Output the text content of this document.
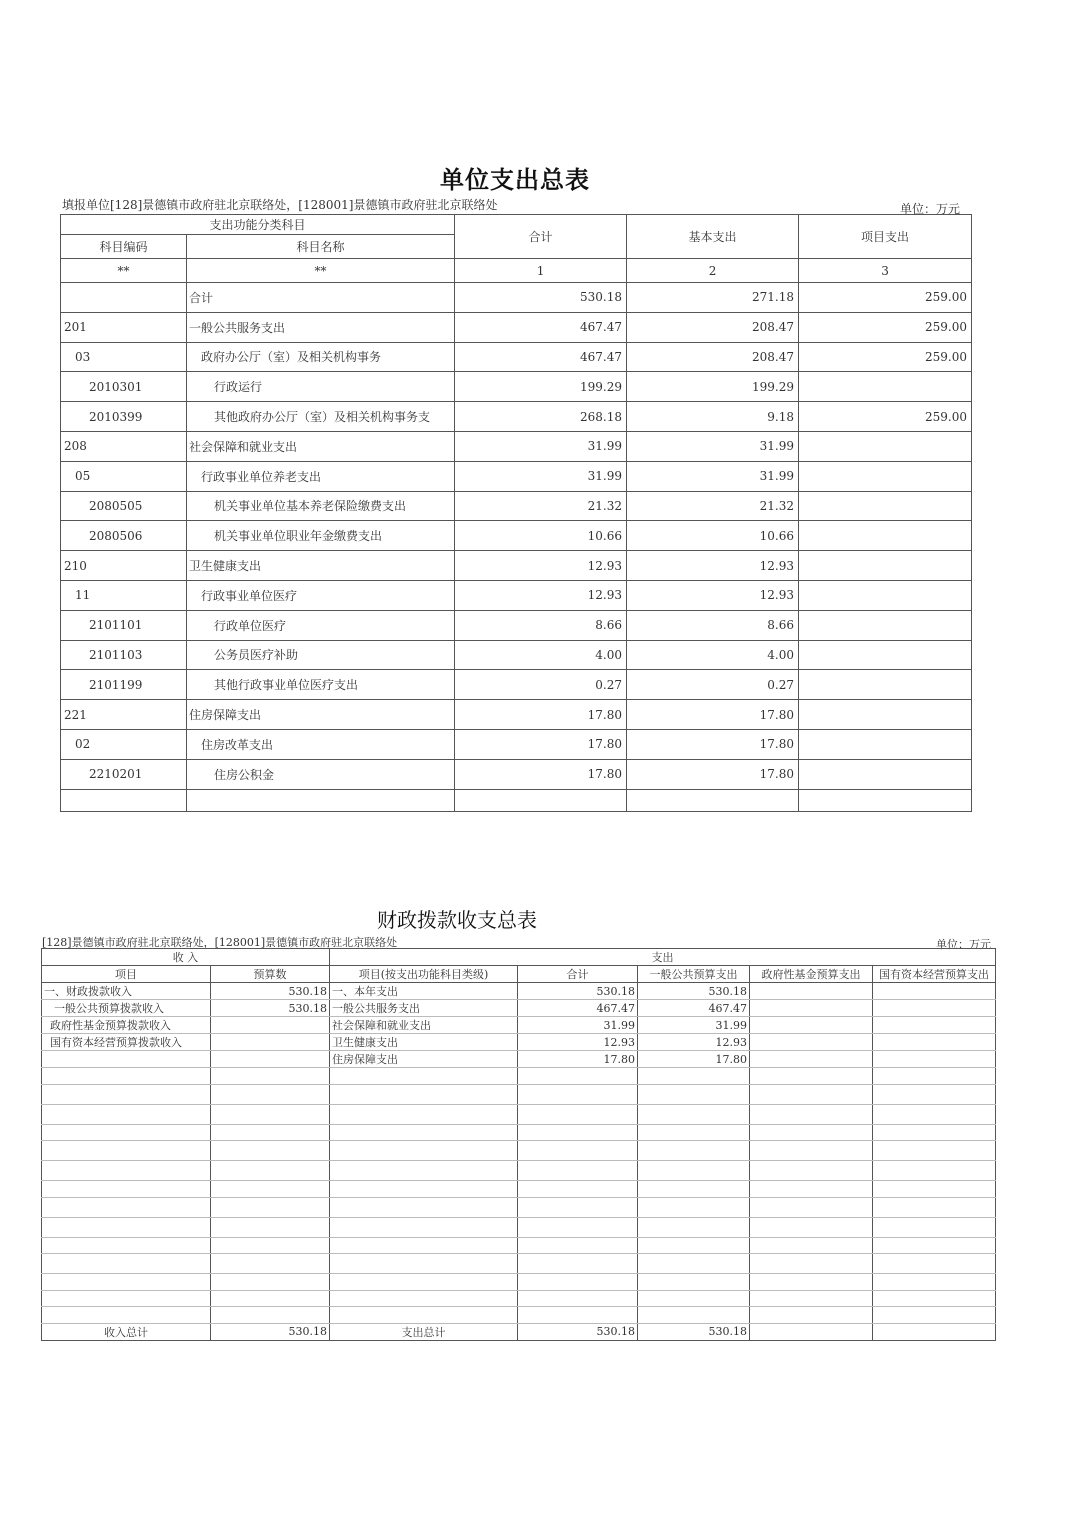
单位支出总表
填报单位[128]景德镇市政府驻北京联络处，[128001]景德镇市政府驻北京联络处	单位：万元
支出功能分类科目		合计	基本支出	项目支出
科目编码	科目名称			
**	**	1	2	3
	合计	530.18	271.18	259.00
201	一般公共服务支出	467.47	208.47	259.00
03	政府办公厅（室）及相关机构事务	467.47	208.47	259.00
2010301	行政运行	199.29	199.29	
2010399	其他政府办公厅（室）及相关机构事务支	268.18	9.18	259.00
208	社会保障和就业支出	31.99	31.99	
05	行政事业单位养老支出	31.99	31.99	
2080505	机关事业单位基本养老保险缴费支出	21.32	21.32	
2080506	机关事业单位职业年金缴费支出	10.66	10.66	
210	卫生健康支出	12.93	12.93	
11	行政事业单位医疗	12.93	12.93	
2101101	行政单位医疗	8.66	8.66	
2101103	公务员医疗补助	4.00	4.00	
2101199	其他行政事业单位医疗支出	0.27	0.27	
221	住房保障支出	17.80	17.80	
02	住房改革支出	17.80	17.80	
2210201	住房公积金	17.80	17.80	

财政拨款收支总表
[128]景德镇市政府驻北京联络处，[128001]景德镇市政府驻北京联络处	单位：万元
收 入		支出				
项目	预算数	项目(按支出功能科目类级)	合计	一般公共预算支出	政府性基金预算支出	国有资本经营预算支出
一、财政拨款收入	530.18	一、本年支出	530.18	530.18		
一般公共预算拨款收入	530.18	一般公共服务支出	467.47	467.47		
政府性基金预算拨款收入		社会保障和就业支出	31.99	31.99		
国有资本经营预算拨款收入		卫生健康支出	12.93	12.93		
		住房保障支出	17.80	17.80		

收入总计	530.18	支出总计	530.18	530.18		
